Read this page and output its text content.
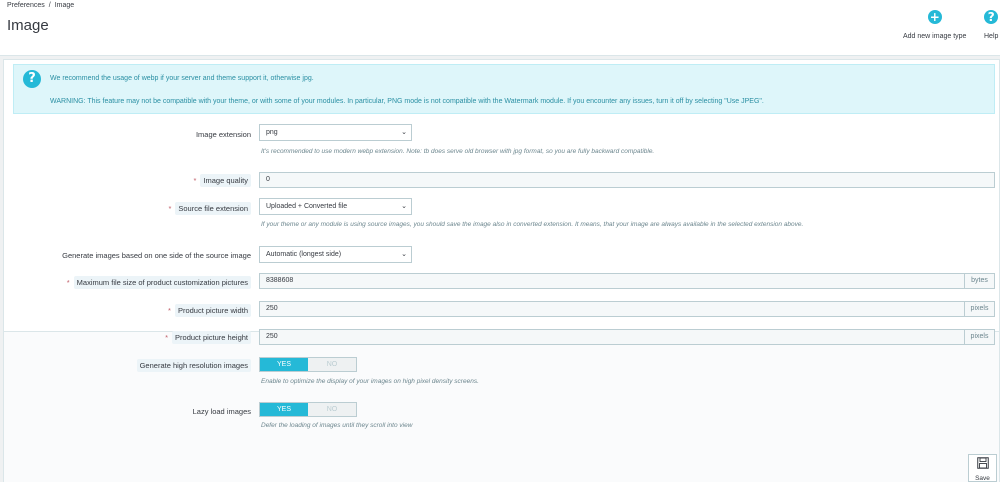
Preferences / Image
Image	+
Add new image type
?
Help
?	We recommend the usage of webp if your server and theme support it, otherwise jpg.
WARNING: This feature may not be compatible with your theme, or with some of your modules. In particular, PNG mode is not compatible with the Watermark module. If you encounter any issues, turn it off by selecting "Use JPEG".
Image extension	png	⌄
It's recommended to use modern webp extension. Note: tb does serve old browser with jpg format, so you are fully backward compatible.
* Image quality	0
* Source file extension	Uploaded + Converted file	⌄
If your theme or any module is using source images, you should save the image also in converted extension. It means, that your image are always available in the selected extension above.
Generate images based on one side of the source image	Automatic (longest side)	⌄
* Maximum file size of product customization pictures	8388608	bytes
* Product picture width	250	pixels
* Product picture height	250	pixels
Generate high resolution images	YES	NO
Enable to optimize the display of your images on high pixel density screens.
Lazy load images	YES	NO
Defer the loading of images until they scroll into view
Save
